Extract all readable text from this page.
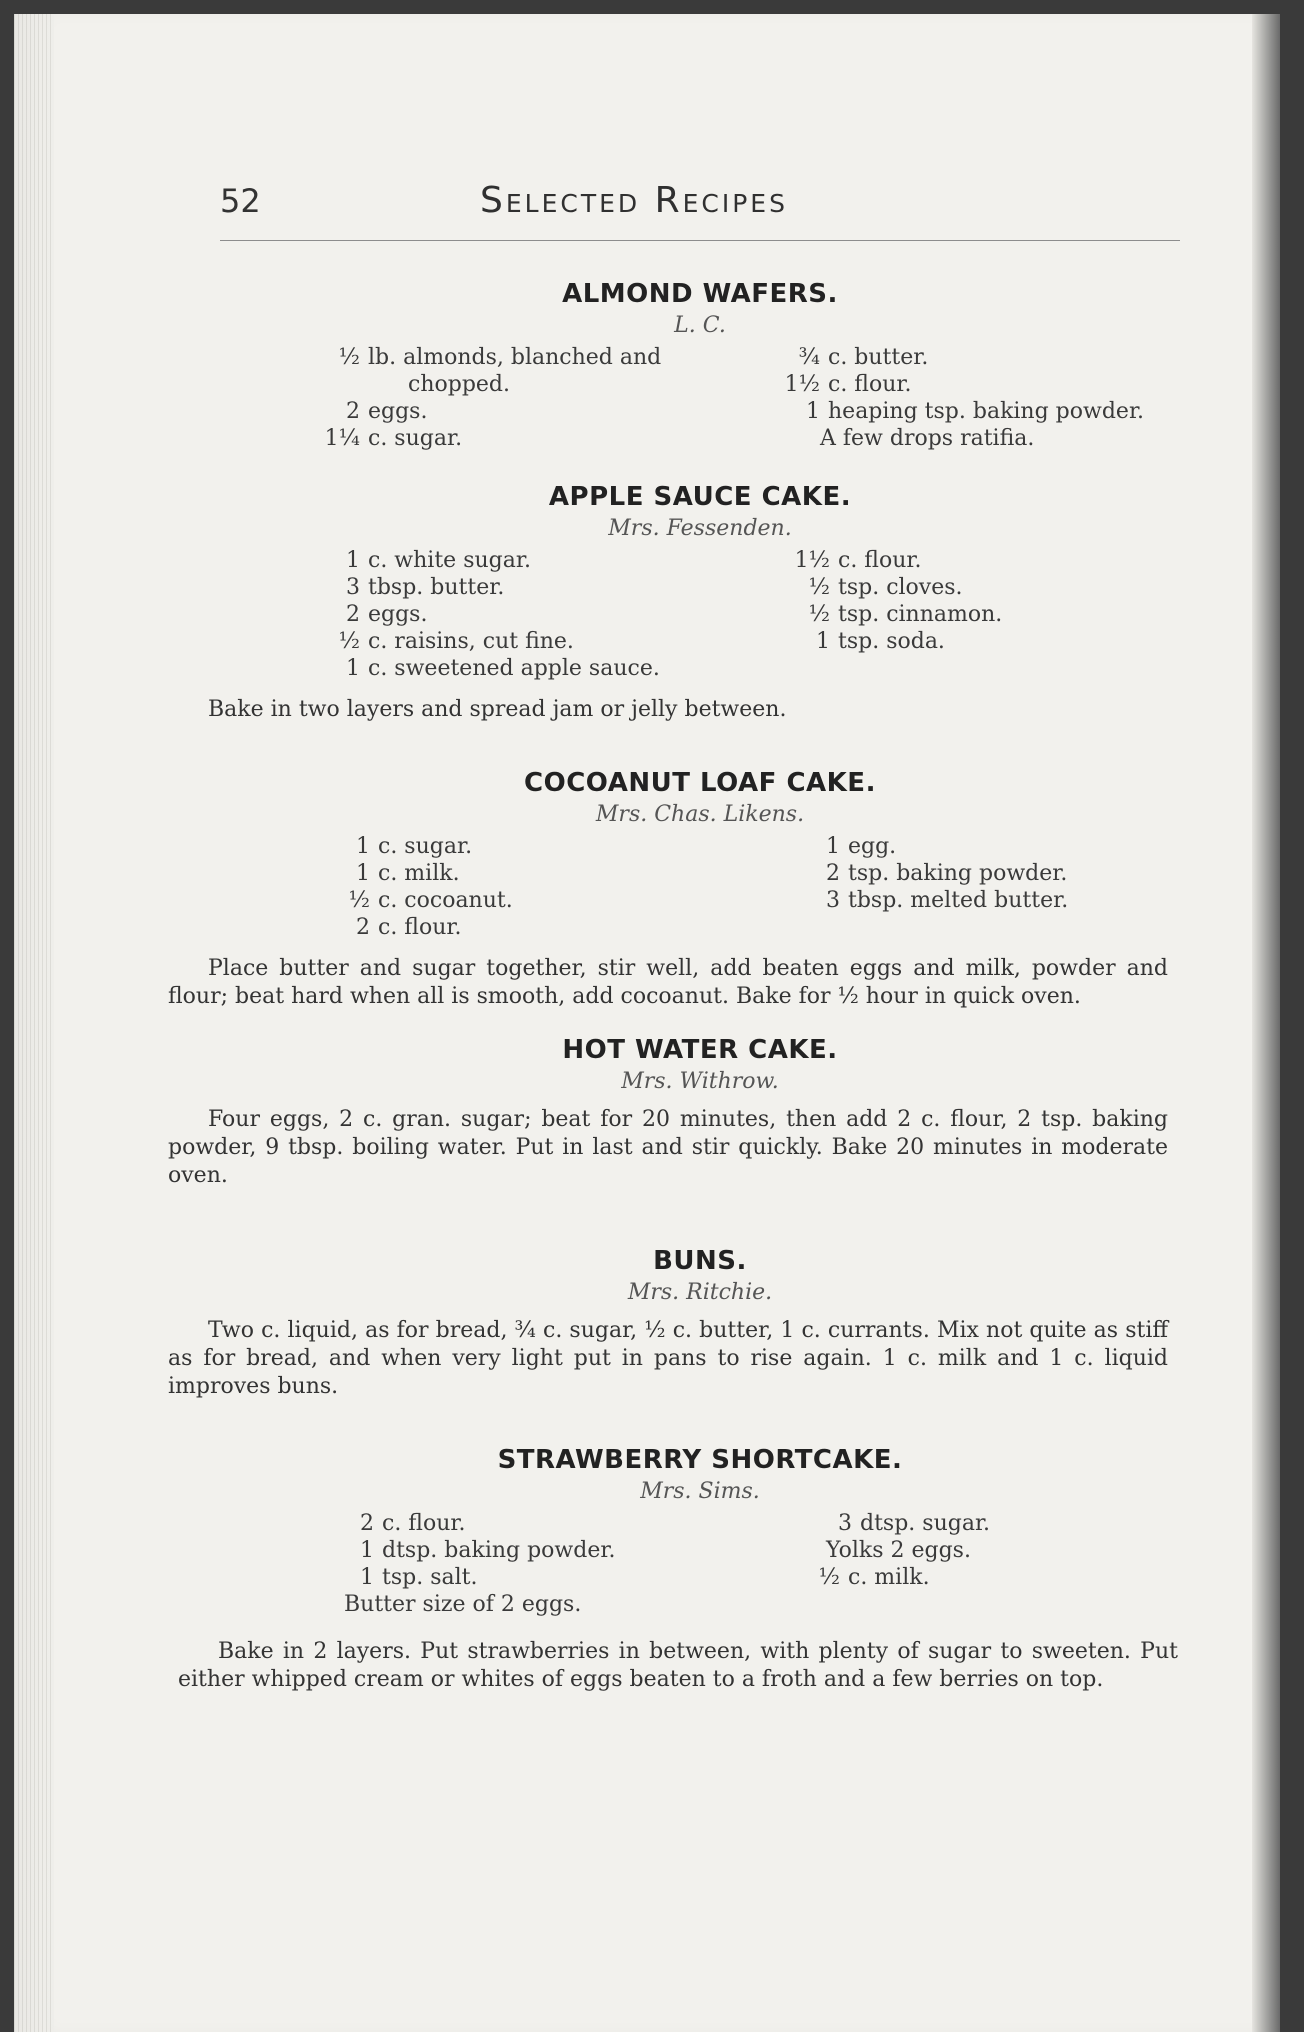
52	Selected Recipes
ALMOND WAFERS.
L. C.
½ lb. almonds, blanched and
chopped.
2 eggs.
1¼ c. sugar.
¾ c. butter.
1½ c. flour.
1 heaping tsp. baking powder.
A few drops ratifia.
APPLE SAUCE CAKE.
Mrs. Fessenden.
1 c. white sugar.
3 tbsp. butter.
2 eggs.
½ c. raisins, cut fine.
1 c. sweetened apple sauce.
1½ c. flour.
½ tsp. cloves.
½ tsp. cinnamon.
1 tsp. soda.
Bake in two layers and spread jam or jelly between.
COCOANUT LOAF CAKE.
Mrs. Chas. Likens.
1 c. sugar.
1 c. milk.
½ c. cocoanut.
2 c. flour.
1 egg.
2 tsp. baking powder.
3 tbsp. melted butter.
Place butter and sugar together, stir well, add beaten eggs and milk, powder and flour; beat hard when all is smooth, add cocoanut. Bake for ½ hour in quick oven.
HOT WATER CAKE.
Mrs. Withrow.
Four eggs, 2 c. gran. sugar; beat for 20 minutes, then add 2 c. flour, 2 tsp. baking powder, 9 tbsp. boiling water. Put in last and stir quickly. Bake 20 minutes in moderate oven.
BUNS.
Mrs. Ritchie.
Two c. liquid, as for bread, ¾ c. sugar, ½ c. butter, 1 c. currants. Mix not quite as stiff as for bread, and when very light put in pans to rise again. 1 c. milk and 1 c. liquid improves buns.
STRAWBERRY SHORTCAKE.
Mrs. Sims.
2 c. flour.
1 dtsp. baking powder.
1 tsp. salt.
Butter size of 2 eggs.
3 dtsp. sugar.
Yolks 2 eggs.
½ c. milk.
Bake in 2 layers. Put strawberries in between, with plenty of sugar to sweeten. Put either whipped cream or whites of eggs beaten to a froth and a few berries on top.
